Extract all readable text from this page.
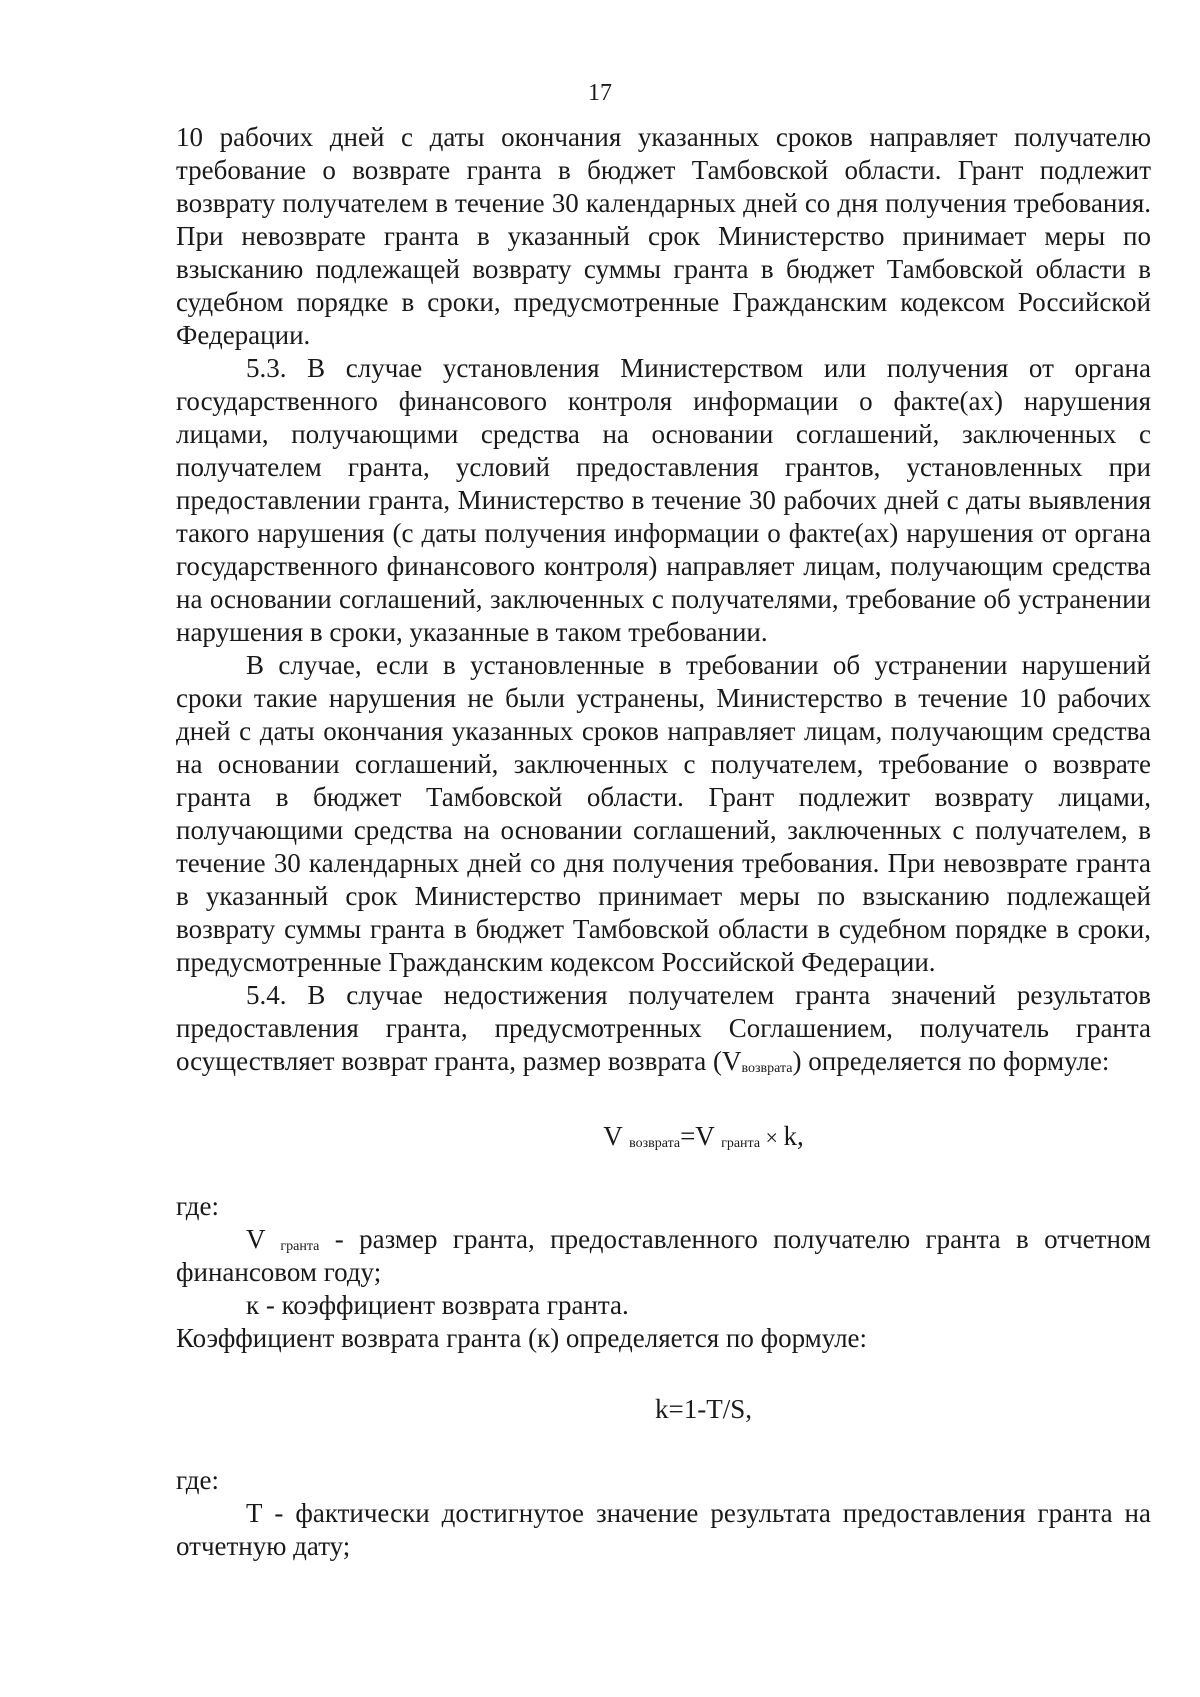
17

10 рабочих дней с даты окончания указанных сроков направляет получателю требование о возврате гранта в бюджет Тамбовской области. Грант подлежит возврату получателем в течение 30 календарных дней со дня получения требования. При невозврате гранта в указанный срок Министерство принимает меры по взысканию подлежащей возврату суммы гранта в бюджет Тамбовской области в судебном порядке в сроки, предусмотренные Гражданским кодексом Российской Федерации.

5.3. В случае установления Министерством или получения от органа государственного финансового контроля информации о факте(ах) нарушения лицами, получающими средства на основании соглашений, заключенных с получателем гранта, условий предоставления грантов, установленных при предоставлении гранта, Министерство в течение 30 рабочих дней с даты выявления такого нарушения (с даты получения информации о факте(ах) нарушения от органа государственного финансового контроля) направляет лицам, получающим средства на основании соглашений, заключенных с получателями, требование об устранении нарушения в сроки, указанные в таком требовании.

В случае, если в установленные в требовании об устранении нарушений сроки такие нарушения не были устранены, Министерство в течение 10 рабочих дней с даты окончания указанных сроков направляет лицам, получающим средства на основании соглашений, заключенных с получателем, требование о возврате гранта в бюджет Тамбовской области. Грант подлежит возврату лицами, получающими средства на основании соглашений, заключенных с получателем, в течение 30 календарных дней со дня получения требования. При невозврате гранта в указанный срок Министерство принимает меры по взысканию подлежащей возврату суммы гранта в бюджет Тамбовской области в судебном порядке в сроки, предусмотренные Гражданским кодексом Российской Федерации.

5.4. В случае недостижения получателем гранта значений результатов предоставления гранта, предусмотренных Соглашением, получатель гранта осуществляет возврат гранта, размер возврата $(V_{возврата})$ определяется по формуле:

V $_{возврата}$=V $_{гранта}$ × k,

где:

V $_{гранта}$ - размер гранта, предоставленного получателю гранта в отчетном финансовом году;

к - коэффициент возврата гранта.

Коэффициент возврата гранта (к) определяется по формуле:

k=1-T/S,

где:

Т - фактически достигнутое значение результата предоставления гранта на отчетную дату;
